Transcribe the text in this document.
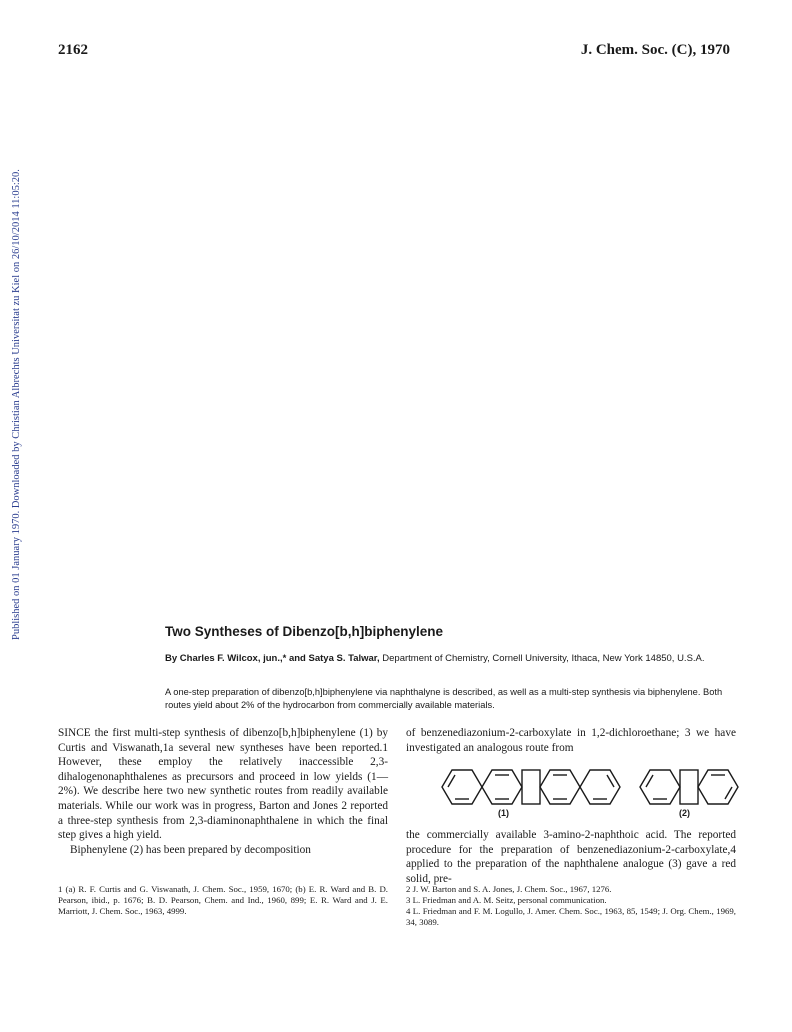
2162	J. Chem. Soc. (C), 1970
Published on 01 January 1970. Downloaded by Christian Albrechts Universitat zu Kiel on 26/10/2014 11:05:20.	Two Syntheses of Dibenzo[b,h]biphenylene
By Charles F. Wilcox, jun.,* and Satya S. Talwar, Department of Chemistry, Cornell University, Ithaca, New York 14850, U.S.A.
A one-step preparation of dibenzo[b,h]biphenylene via naphthalyne is described, as well as a multi-step synthesis via biphenylene. Both routes yield about 2% of the hydrocarbon from commercially available materials.

SINCE the first multi-step synthesis of dibenzo[b,h]biphenylene (1) by Curtis and Viswanath,1a several new syntheses have been reported.1 However, these employ the relatively inaccessible 2,3-dihalogenonaphthalenes as precursors and proceed in low yields (1—2%). We describe here two new synthetic routes from readily available materials. While our work was in progress, Barton and Jones 2 reported a three-step synthesis from 2,3-diaminonaphthalene in which the final step gives a high yield.

Biphenylene (2) has been prepared by decomposition

of benzenediazonium-2-carboxylate in 1,2-dichloroethane; 3 we have investigated an analogous route from
(1)	(2)
the commercially available 3-amino-2-naphthoic acid. The reported procedure for the preparation of benzenediazonium-2-carboxylate,4 applied to the preparation of the naphthalene analogue (3) gave a red solid, pre-

1 (a) R. F. Curtis and G. Viswanath, J. Chem. Soc., 1959, 1670; (b) E. R. Ward and B. D. Pearson, ibid., p. 1676; B. D. Pearson, Chem. and Ind., 1960, 899; E. R. Ward and J. E. Marriott, J. Chem. Soc., 1963, 4999.

2 J. W. Barton and S. A. Jones, J. Chem. Soc., 1967, 1276.

3 L. Friedman and A. M. Seitz, personal communication.

4 L. Friedman and F. M. Logullo, J. Amer. Chem. Soc., 1963, 85, 1549; J. Org. Chem., 1969, 34, 3089.
